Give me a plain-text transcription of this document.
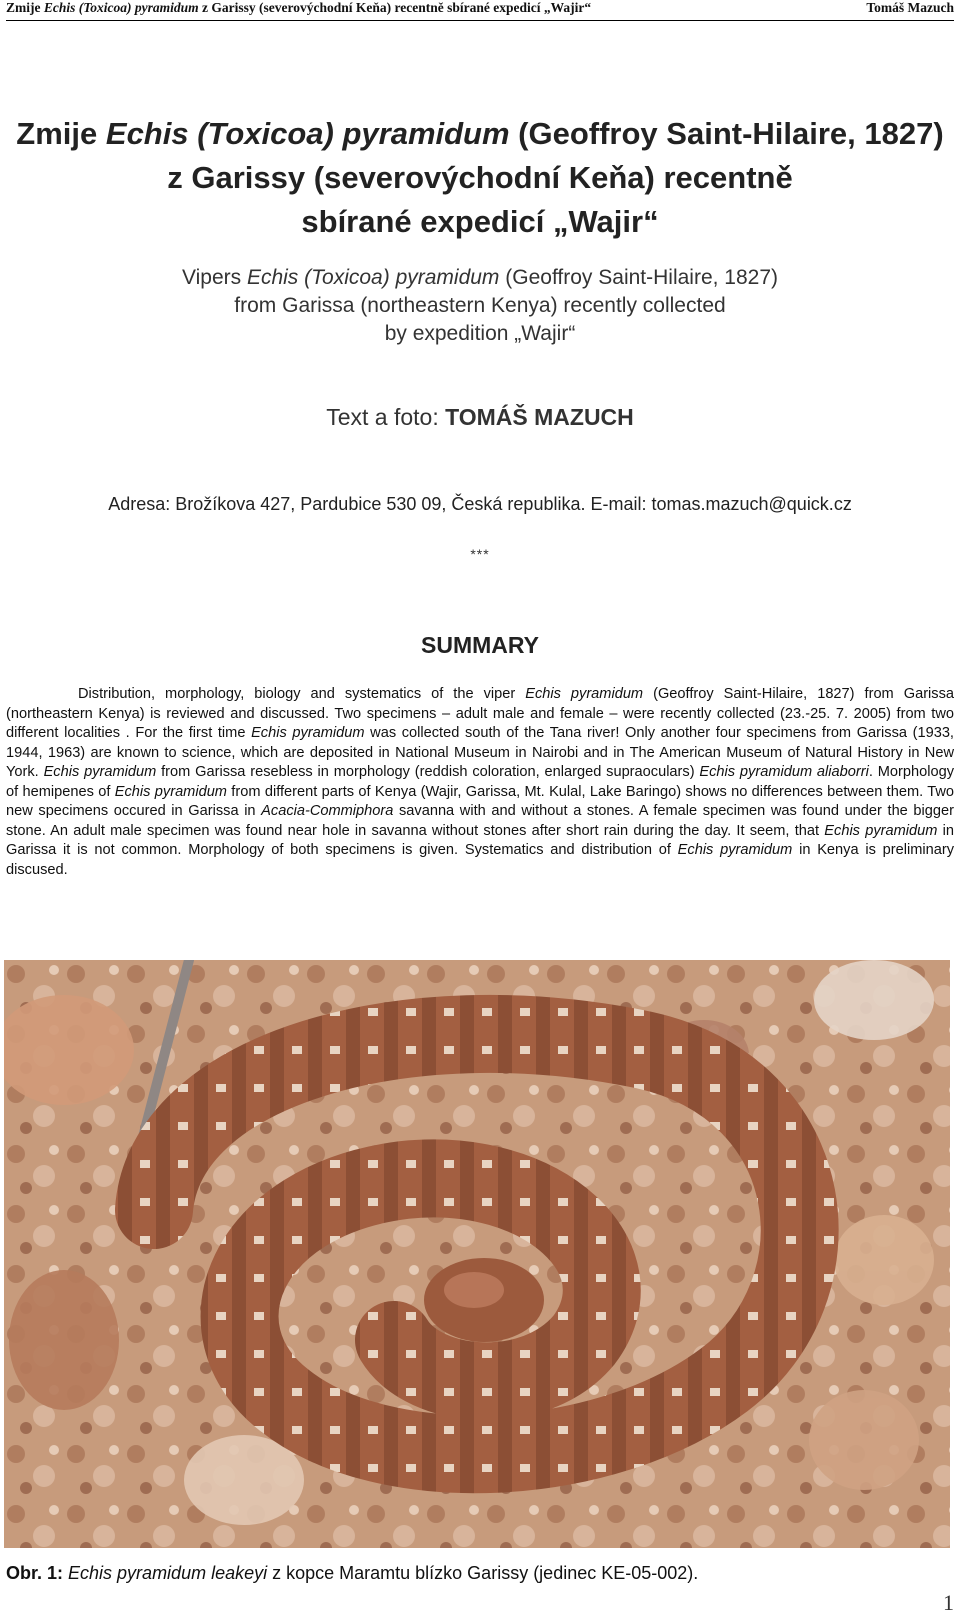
Zmije Echis (Toxicoa) pyramidum z Garissy (severovýchodní Keňa) recentně sbírané expedicí „Wajir“	Tomáš Mazuch
Zmije Echis (Toxicoa) pyramidum (Geoffroy Saint-Hilaire, 1827)
z Garissy (severovýchodní Keňa) recentně
sbírané expedicí „Wajir“
Vipers Echis (Toxicoa) pyramidum (Geoffroy Saint-Hilaire, 1827)
from Garissa (northeastern Kenya) recently collected
by expedition „Wajir“
Text a foto: TOMÁŠ MAZUCH
Adresa: Brožíkova 427, Pardubice 530 09, Česká republika. E-mail: tomas.mazuch@quick.cz
***
SUMMARY
Distribution, morphology, biology and systematics of the viper Echis pyramidum (Geoffroy Saint-Hilaire, 1827) from Garissa (northeastern Kenya) is reviewed and discussed. Two specimens – adult male and female – were recently collected (23.-25. 7. 2005) from two different localities . For the first time Echis pyramidum was collected south of the Tana river! Only another four specimens from Garissa (1933, 1944, 1963) are known to science, which are deposited in National Museum in Nairobi and in The American Museum of Natural History in New York. Echis pyramidum from Garissa resebless in morphology (reddish coloration, enlarged supraoculars) Echis pyramidum aliaborri. Morphology of hemipenes of Echis pyramidum from different parts of Kenya (Wajir, Garissa, Mt. Kulal, Lake Baringo) shows no differences between them. Two new specimens occured in Garissa in Acacia-Commiphora savanna with and without a stones. A female specimen was found under the bigger stone. An adult male specimen was found near hole in savanna without stones after short rain during the day. It seem, that Echis pyramidum in Garissa it is not common. Morphology of both specimens is given. Systematics and distribution of Echis pyramidum in Kenya is preliminary discused.
Obr. 1: Echis pyramidum leakeyi z kopce Maramtu blízko Garissy (jedinec KE-05-002).
1
